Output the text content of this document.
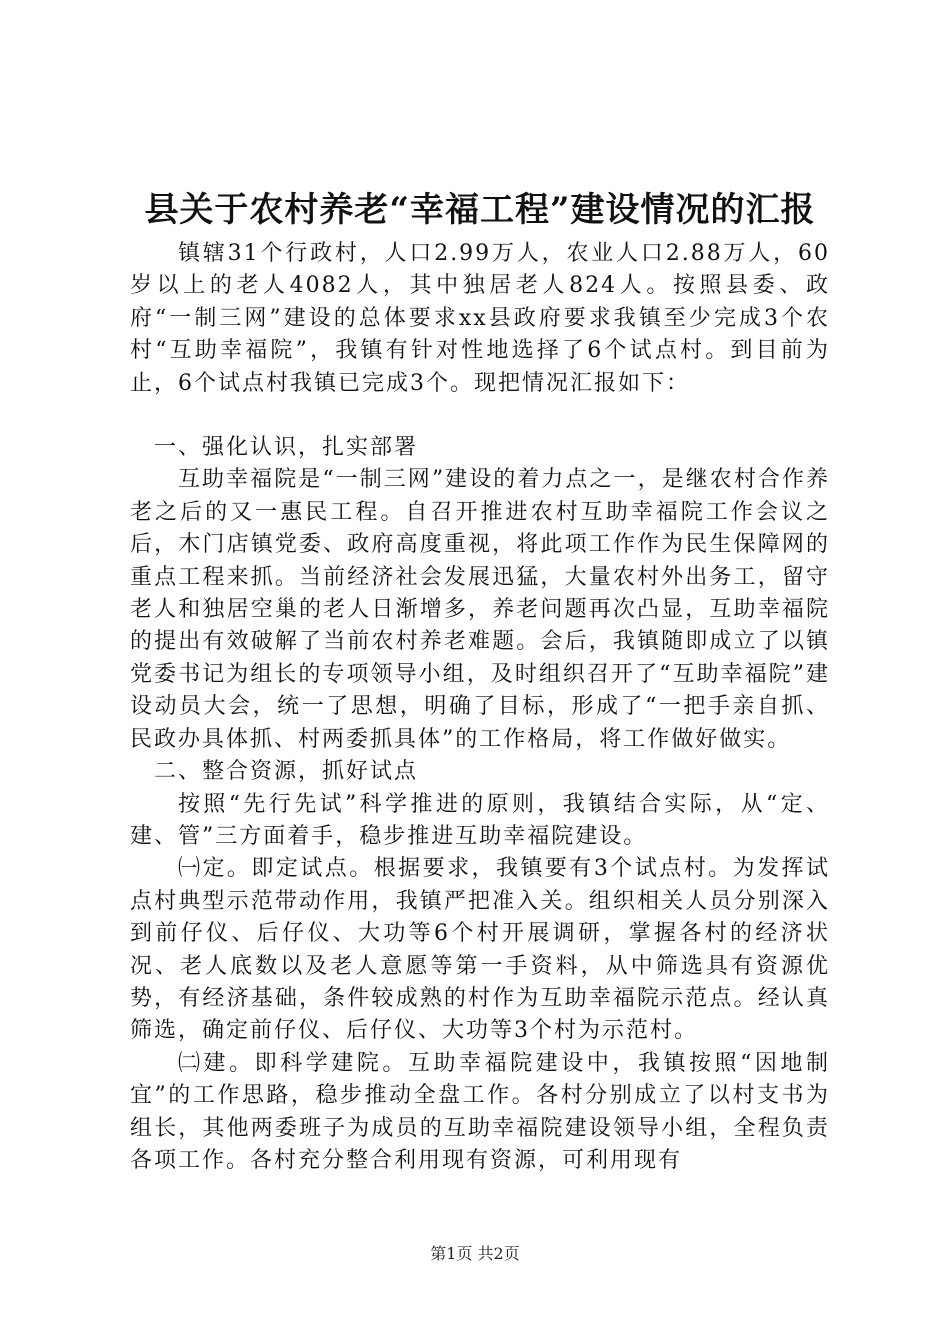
县关于农村养老“幸福工程”建设情况的汇报

镇辖31个行政村，人口2.99万人，农业人口2.88万人，60岁以上的老人4082人，其中独居老人824人。按照县委、政府“一制三网”建设的总体要求xx县政府要求我镇至少完成3个农村“互助幸福院”，我镇有针对性地选择了6个试点村。到目前为止，6个试点村我镇已完成3个。现把情况汇报如下：

一、强化认识，扎实部署

互助幸福院是“一制三网”建设的着力点之一，是继农村合作养老之后的又一惠民工程。自召开推进农村互助幸福院工作会议之后，木门店镇党委、政府高度重视，将此项工作作为民生保障网的重点工程来抓。当前经济社会发展迅猛，大量农村外出务工，留守老人和独居空巢的老人日渐增多，养老问题再次凸显，互助幸福院的提出有效破解了当前农村养老难题。会后，我镇随即成立了以镇党委书记为组长的专项领导小组，及时组织召开了“互助幸福院”建设动员大会，统一了思想，明确了目标，形成了“一把手亲自抓、民政办具体抓、村两委抓具体”的工作格局，将工作做好做实。

二、整合资源，抓好试点

按照“先行先试”科学推进的原则，我镇结合实际，从“定、建、管”三方面着手，稳步推进互助幸福院建设。

㈠定。即定试点。根据要求，我镇要有3个试点村。为发挥试点村典型示范带动作用，我镇严把准入关。组织相关人员分别深入到前仔仪、后仔仪、大功等6个村开展调研，掌握各村的经济状况、老人底数以及老人意愿等第一手资料，从中筛选具有资源优势，有经济基础，条件较成熟的村作为互助幸福院示范点。经认真筛选，确定前仔仪、后仔仪、大功等3个村为示范村。

㈡建。即科学建院。互助幸福院建设中，我镇按照“因地制宜”的工作思路，稳步推动全盘工作。各村分别成立了以村支书为组长，其他两委班子为成员的互助幸福院建设领导小组，全程负责各项工作。各村充分整合利用现有资源，可利用现有

第1页 共2页
